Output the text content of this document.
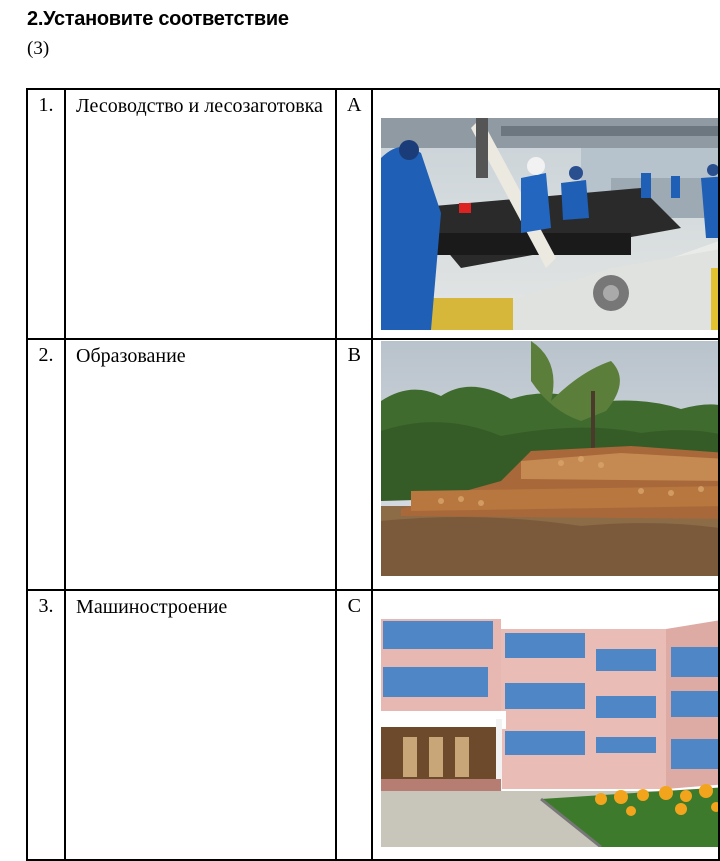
2.Установите соответствие
(3)
1.	Лесоводство и лесозаготовка	A	

2.	Образование	B	

3.	Машиностроение	C	
